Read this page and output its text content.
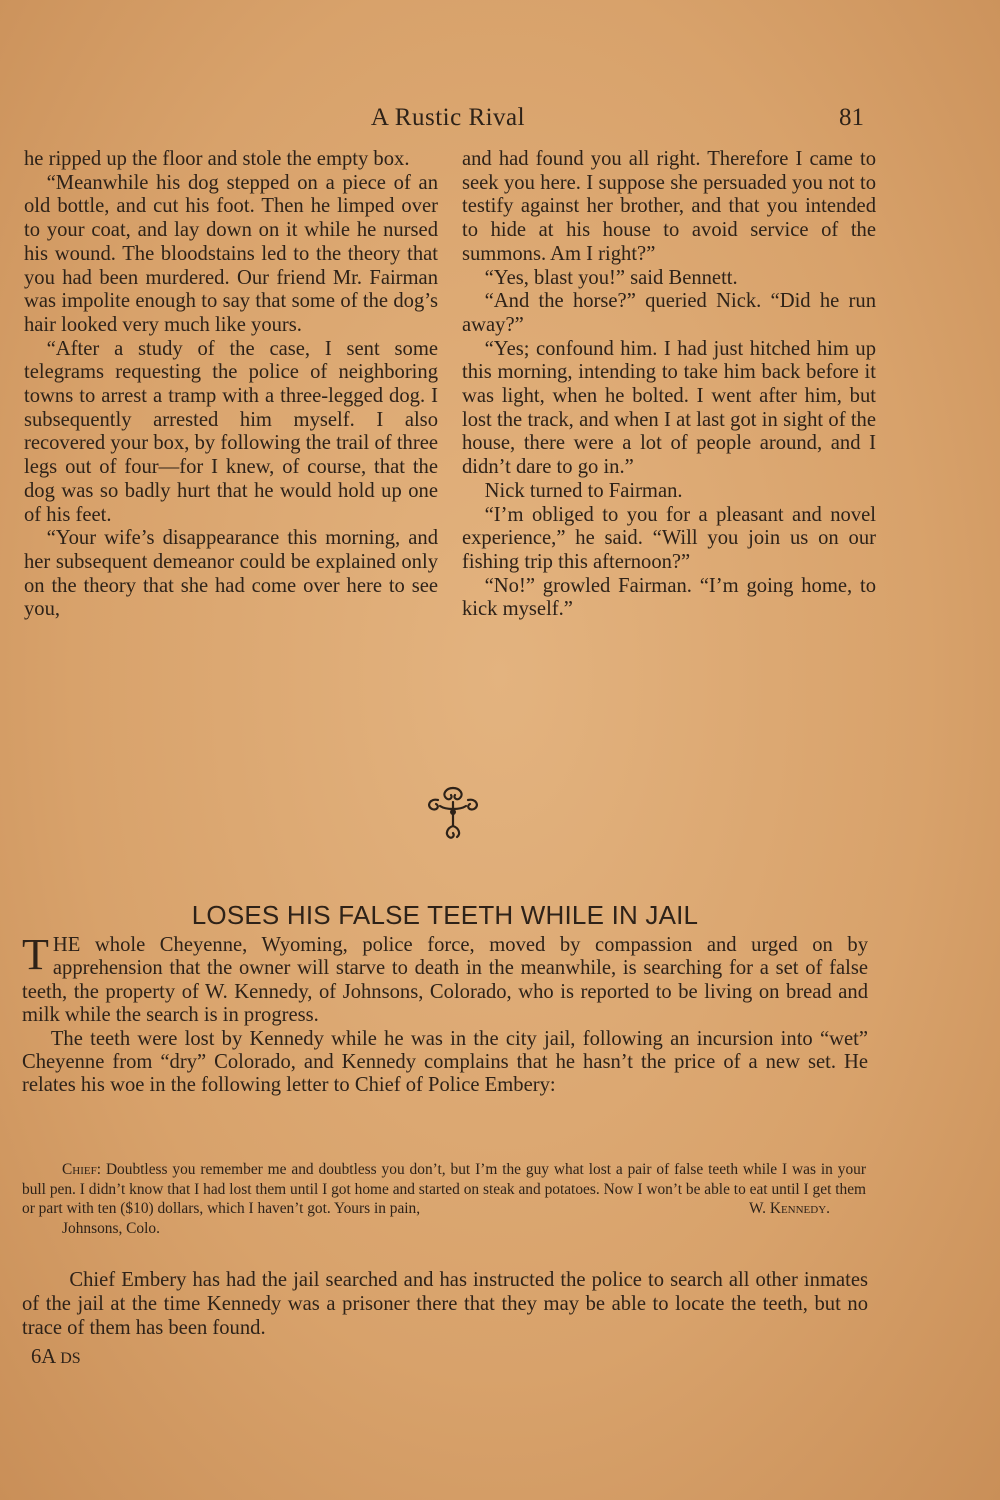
A Rustic Rival	81

he ripped up the floor and stole the empty box.

“Meanwhile his dog stepped on a piece of an old bottle, and cut his foot. Then he limped over to your coat, and lay down on it while he nursed his wound. The bloodstains led to the theory that you had been murdered. Our friend Mr. Fairman was impolite enough to say that some of the dog’s hair looked very much like yours.

“After a study of the case, I sent some telegrams requesting the police of neighboring towns to arrest a tramp with a three-legged dog. I subsequently arrested him myself. I also recovered your box, by following the trail of three legs out of four—for I knew, of course, that the dog was so badly hurt that he would hold up one of his feet.

“Your wife’s disappearance this morning, and her subsequent demeanor could be explained only on the theory that she had come over here to see you,

and had found you all right. Therefore I came to seek you here. I suppose she persuaded you not to testify against her brother, and that you intended to hide at his house to avoid service of the summons. Am I right?”

“Yes, blast you!” said Bennett.

“And the horse?” queried Nick. “Did he run away?”

“Yes; confound him. I had just hitched him up this morning, intending to take him back before it was light, when he bolted. I went after him, but lost the track, and when I at last got in sight of the house, there were a lot of people around, and I didn’t dare to go in.”

Nick turned to Fairman.

“I’m obliged to you for a pleasant and novel experience,” he said. “Will you join us on our fishing trip this afternoon?”

“No!” growled Fairman. “I’m going home, to kick myself.”

LOSES HIS FALSE TEETH WHILE IN JAIL

THE whole Cheyenne, Wyoming, police force, moved by compassion and urged on by apprehension that the owner will starve to death in the meanwhile, is searching for a set of false teeth, the property of W. Kennedy, of Johnsons, Colorado, who is reported to be living on bread and milk while the search is in progress.

The teeth were lost by Kennedy while he was in the city jail, following an incursion into “wet” Cheyenne from “dry” Colorado, and Kennedy complains that he hasn’t the price of a new set. He relates his woe in the following letter to Chief of Police Embery:

Chief: Doubtless you remember me and doubtless you don’t, but I’m the guy what lost a pair of false teeth while I was in your bull pen. I didn’t know that I had lost them until I got home and started on steak and potatoes. Now I won’t be able to eat until I get them or part with ten ($10) dollars, which I haven’t got. Yours in pain,	W. Kennedy.

Johnsons, Colo.

Chief Embery has had the jail searched and has instructed the police to search all other inmates of the jail at the time Kennedy was a prisoner there that they may be able to locate the teeth, but no trace of them has been found.

6A DS
